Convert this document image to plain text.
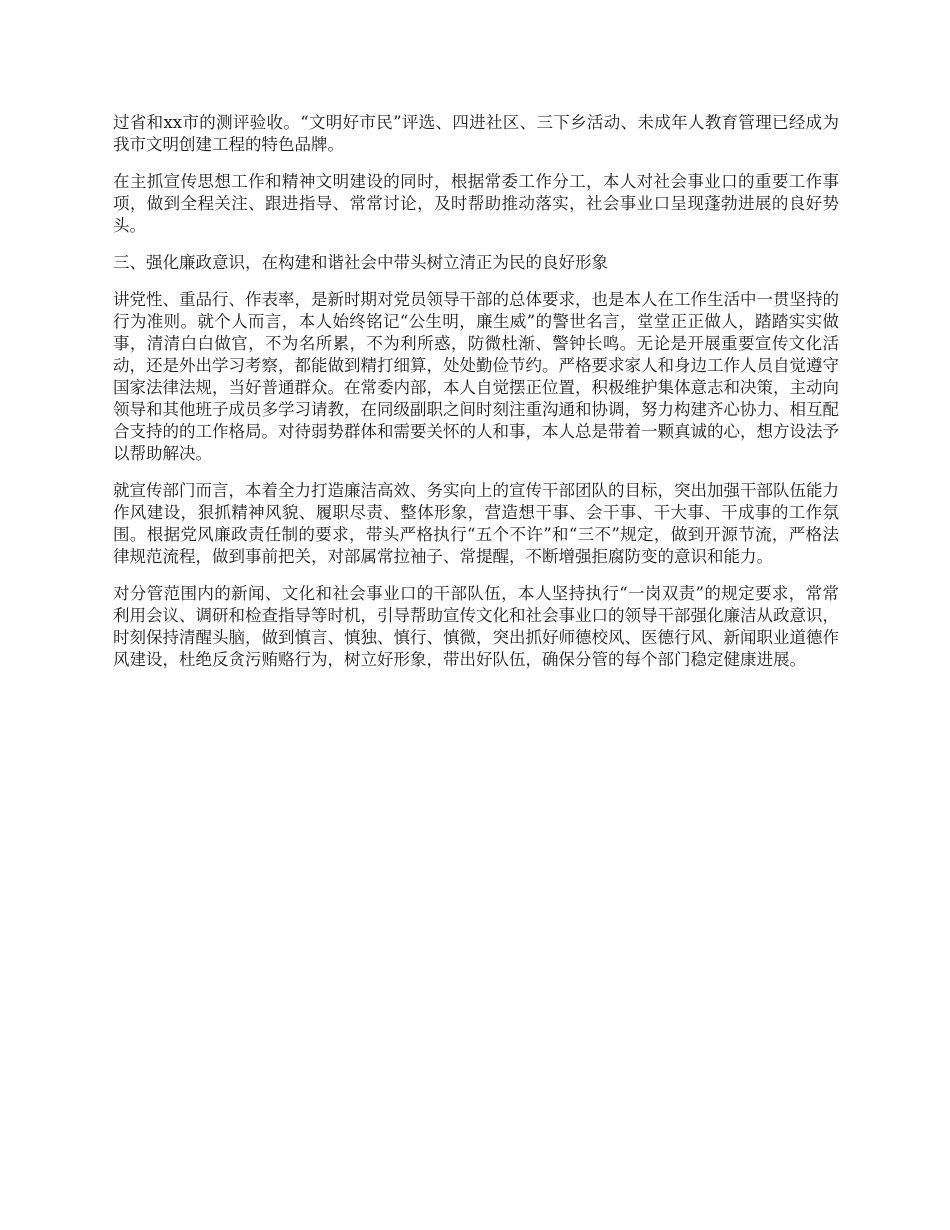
过省和xx市的测评验收。“文明好市民”评选、四进社区、三下乡活动、未成年人教育管理已经成为我市文明创建工程的特色品牌。

在主抓宣传思想工作和精神文明建设的同时，根据常委工作分工，本人对社会事业口的重要工作事项，做到全程关注、跟进指导、常常讨论，及时帮助推动落实，社会事业口呈现蓬勃进展的良好势头。

三、强化廉政意识，在构建和谐社会中带头树立清正为民的良好形象

讲党性、重品行、作表率，是新时期对党员领导干部的总体要求，也是本人在工作生活中一贯坚持的行为准则。就个人而言，本人始终铭记“公生明，廉生威”的警世名言，堂堂正正做人，踏踏实实做事，清清白白做官，不为名所累，不为利所惑，防微杜渐、警钟长鸣。无论是开展重要宣传文化活动，还是外出学习考察，都能做到精打细算，处处勤俭节约。严格要求家人和身边工作人员自觉遵守国家法律法规，当好普通群众。在常委内部，本人自觉摆正位置，积极维护集体意志和决策，主动向领导和其他班子成员多学习请教，在同级副职之间时刻注重沟通和协调，努力构建齐心协力、相互配合支持的的工作格局。对待弱势群体和需要关怀的人和事，本人总是带着一颗真诚的心，想方设法予以帮助解决。

就宣传部门而言，本着全力打造廉洁高效、务实向上的宣传干部团队的目标，突出加强干部队伍能力作风建设，狠抓精神风貌、履职尽责、整体形象，营造想干事、会干事、干大事、干成事的工作氛围。根据党风廉政责任制的要求，带头严格执行“五个不许”和“三不”规定，做到开源节流，严格法律规范流程，做到事前把关，对部属常拉袖子、常提醒，不断增强拒腐防变的意识和能力。

对分管范围内的新闻、文化和社会事业口的干部队伍，本人坚持执行“一岗双责”的规定要求，常常利用会议、调研和检查指导等时机，引导帮助宣传文化和社会事业口的领导干部强化廉洁从政意识，时刻保持清醒头脑，做到慎言、慎独、慎行、慎微，突出抓好师德校风、医德行风、新闻职业道德作风建设，杜绝反贪污贿赂行为，树立好形象，带出好队伍，确保分管的每个部门稳定健康进展。
